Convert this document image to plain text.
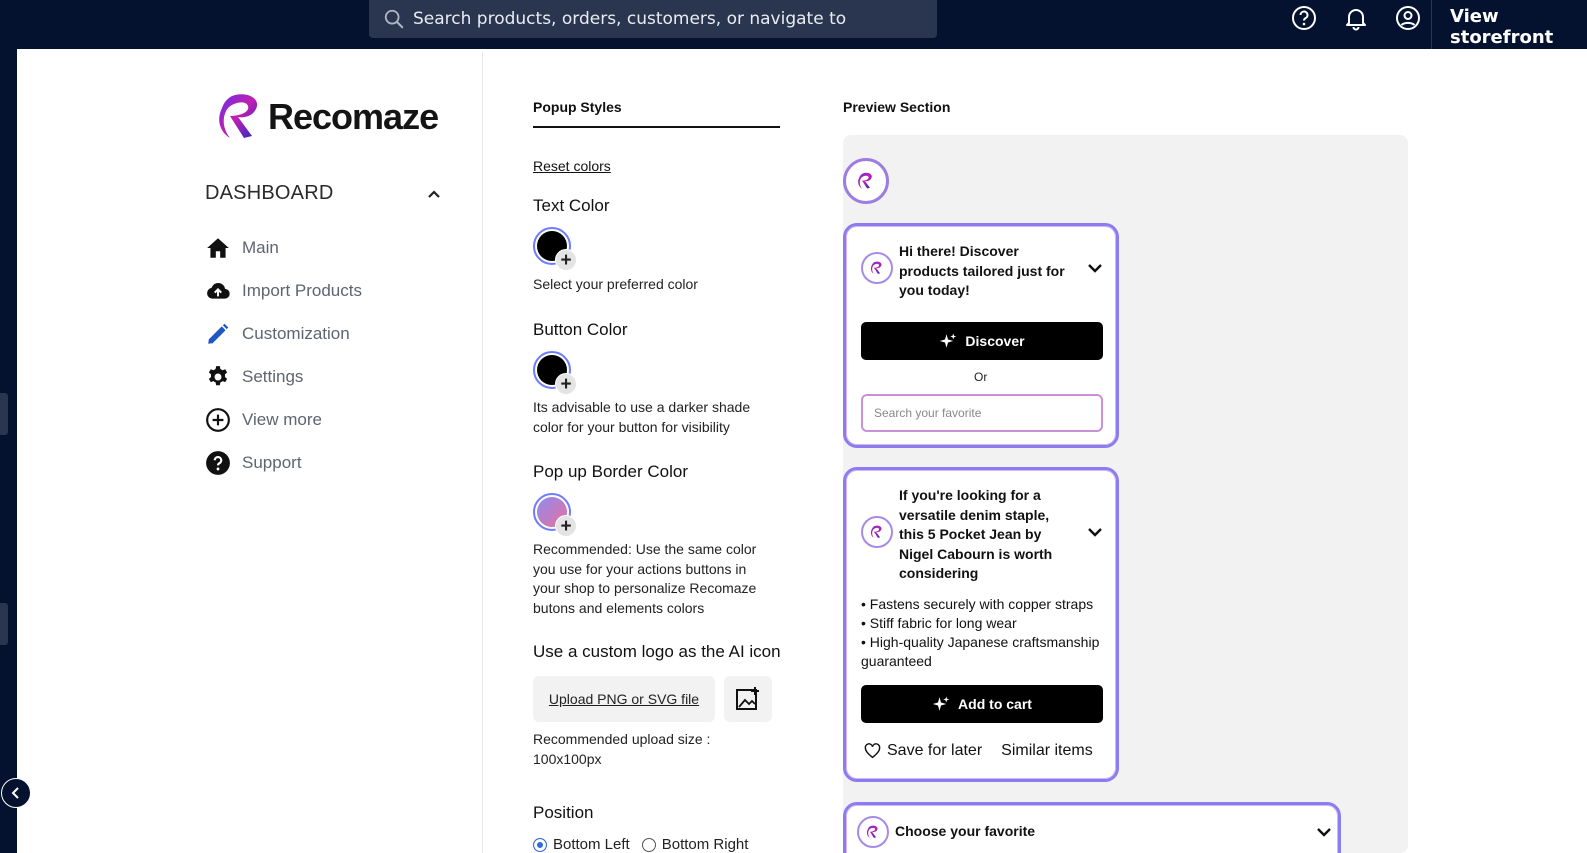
Search products, orders, customers, or navigate to	View storefront
Recomaze
DASHBOARD
Main
Import Products
Customization
Settings
View more
Support
Popup Styles
Reset colors
Text Color
+
Select your preferred color
Button Color
+
Its advisable to use a darker shade color for your button for visibility
Pop up Border Color
+
Recommended: Use the same color you use for your actions buttons in your shop to personalize Recomaze butons and elements colors
Use a custom logo as the AI icon
Upload PNG or SVG file
Recommended upload size : 100x100px
Position
Bottom Left Bottom Right
Preview Section
Hi there! Discover products tailored just for you today!
Discover
Or
Search your favorite
If you're looking for a versatile denim staple, this 5 Pocket Jean by Nigel Cabourn is worth considering
• Fastens securely with copper straps
• Stiff fabric for long wear
• High-quality Japanese craftsmanship guaranteed
Add to cart
Save for later Similar items
Choose your favorite
